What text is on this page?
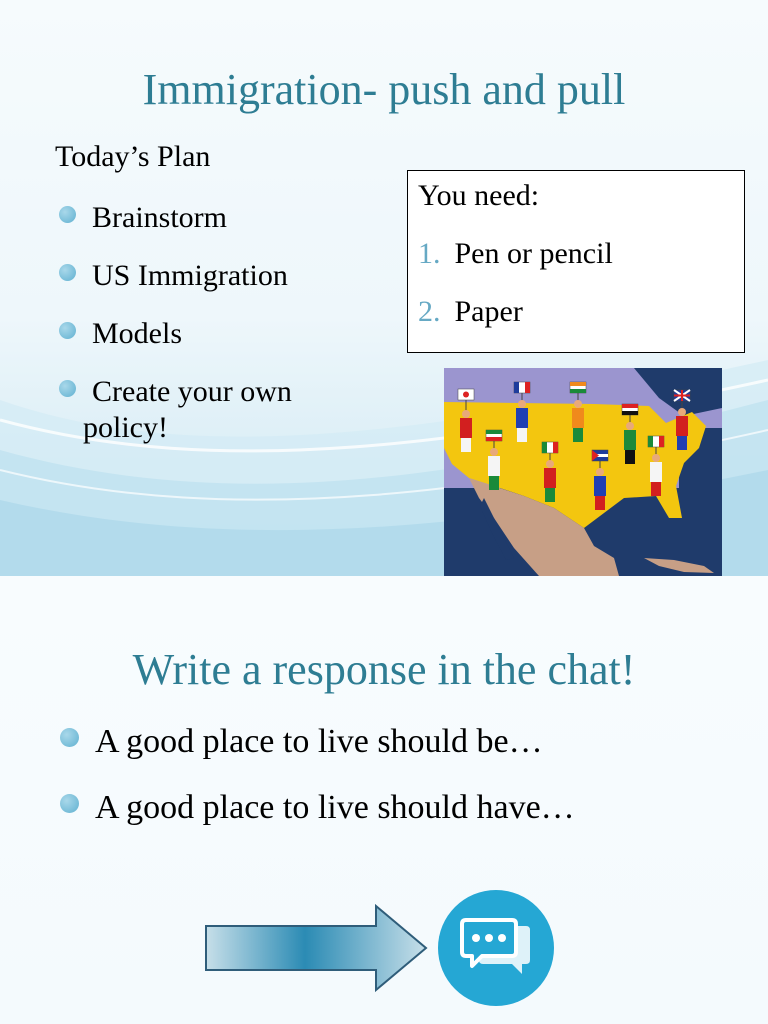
Immigration- push and pull
Today’s Plan
Brainstorm
US Immigration
Models
Create your own
policy!
You need:
1. Pen or pencil
2. Paper
Write a response in the chat!
A good place to live should be…
A good place to live should have…
